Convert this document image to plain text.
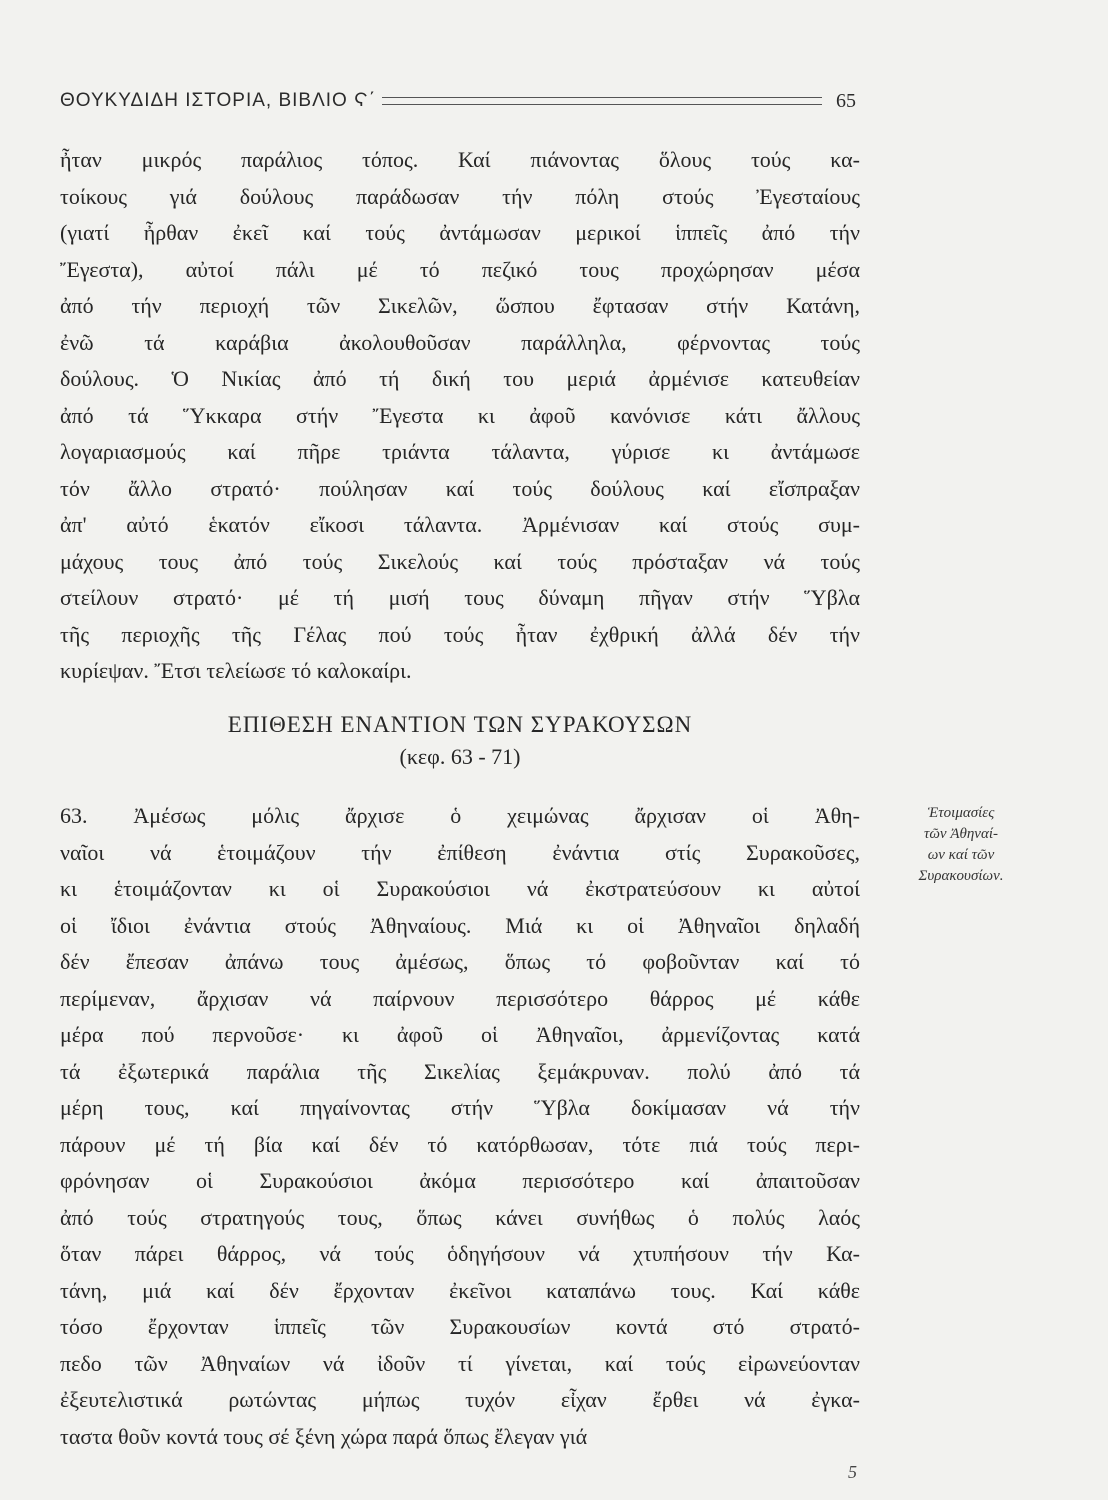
ΘΟΥΚΥΔΙΔΗ ΙΣΤΟΡΙΑ, ΒΙΒΛΙΟ Ϛ΄	65
ἦταν μικρός παράλιος τόπος. Καί πιάνοντας ὅλους τούς κα-
τοίκους γιά δούλους παράδωσαν τήν πόλη στούς Ἐγεσταίους
(γιατί ἦρθαν ἐκεῖ καί τούς ἀντάμωσαν μερικοί ἱππεῖς ἀπό τήν
Ἔγεστα), αὐτοί πάλι μέ τό πεζικό τους προχώρησαν μέσα
ἀπό τήν περιοχή τῶν Σικελῶν, ὥσπου ἔφτασαν στήν Κατάνη,
ἐνῶ τά καράβια ἀκολουθοῦσαν παράλληλα, φέρνοντας τούς
δούλους. Ὁ Νικίας ἀπό τή δική του μεριά ἀρμένισε κατευθείαν
ἀπό τά Ὕκκαρα στήν Ἔγεστα κι ἀφοῦ κανόνισε κάτι ἄλλους
λογαριασμούς καί πῆρε τριάντα τάλαντα, γύρισε κι ἀντάμωσε
τόν ἄλλο στρατό· πούλησαν καί τούς δούλους καί εἴσπραξαν
ἀπ' αὐτό ἑκατόν εἴκοσι τάλαντα. Ἀρμένισαν καί στούς συμ-
μάχους τους ἀπό τούς Σικελούς καί τούς πρόσταξαν νά τούς
στείλουν στρατό· μέ τή μισή τους δύναμη πῆγαν στήν Ὕβλα
τῆς περιοχῆς τῆς Γέλας πού τούς ἦταν ἐχθρική ἀλλά δέν τήν
κυρίεψαν. Ἔτσι τελείωσε τό καλοκαίρι.
ΕΠΙΘΕΣΗ ΕΝΑΝΤΙΟΝ ΤΩΝ ΣΥΡΑΚΟΥΣΩΝ
(κεφ. 63 - 71)
63. Ἀμέσως μόλις ἄρχισε ὁ χειμώνας ἄρχισαν οἱ Ἀθη-
ναῖοι νά ἑτοιμάζουν τήν ἐπίθεση ἐνάντια στίς Συρακοῦσες,
κι ἑτοιμάζονταν κι οἱ Συρακούσιοι νά ἐκστρατεύσουν κι αὐτοί
οἱ ἴδιοι ἐνάντια στούς Ἀθηναίους. Μιά κι οἱ Ἀθηναῖοι δηλαδή
δέν ἔπεσαν ἀπάνω τους ἀμέσως, ὅπως τό φοβοῦνταν καί τό
περίμεναν, ἄρχισαν νά παίρνουν περισσότερο θάρρος μέ κάθε
μέρα πού περνοῦσε· κι ἀφοῦ οἱ Ἀθηναῖοι, ἀρμενίζοντας κατά
τά ἐξωτερικά παράλια τῆς Σικελίας ξεμάκρυναν. πολύ ἀπό τά
μέρη τους, καί πηγαίνοντας στήν Ὕβλα δοκίμασαν νά τήν
πάρουν μέ τή βία καί δέν τό κατόρθωσαν, τότε πιά τούς περι-
φρόνησαν οἱ Συρακούσιοι ἀκόμα περισσότερο καί ἀπαιτοῦσαν
ἀπό τούς στρατηγούς τους, ὅπως κάνει συνήθως ὁ πολύς λαός
ὅταν πάρει θάρρος, νά τούς ὁδηγήσουν νά χτυπήσουν τήν Κα-
τάνη, μιά καί δέν ἔρχονταν ἐκεῖνοι καταπάνω τους. Καί κάθε
τόσο ἔρχονταν ἱππεῖς τῶν Συρακουσίων κοντά στό στρατό-
πεδο τῶν Ἀθηναίων νά ἰδοῦν τί γίνεται, καί τούς εἰρωνεύονταν
ἐξευτελιστικά ρωτώντας μήπως τυχόν εἶχαν ἔρθει νά ἐγκα-
ταστα θοῦν κοντά τους σέ ξένη χώρα παρά ὅπως ἔλεγαν γιά
Ἑτοιμασίες
τῶν Ἀθηναί-
ων καί τῶν
Συρακουσίων.
5
